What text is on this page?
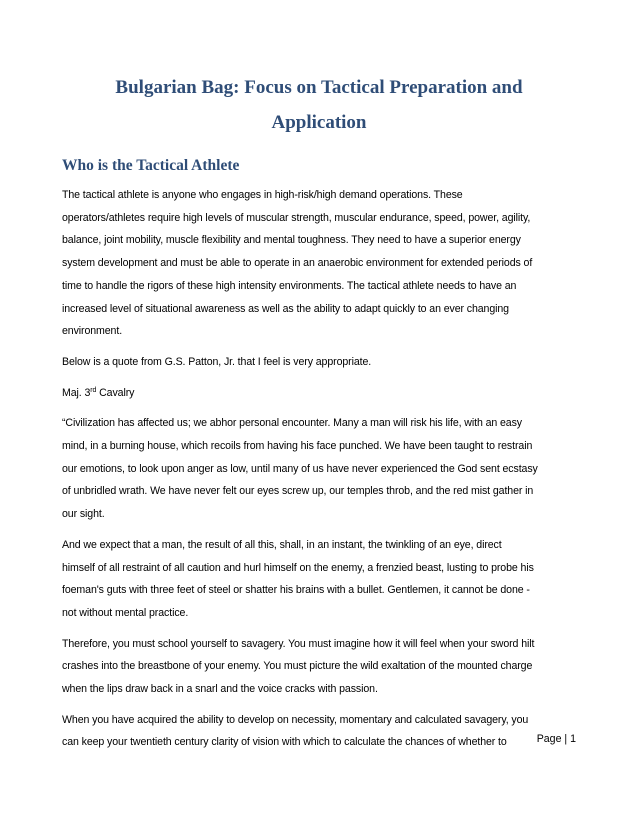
Bulgarian Bag: Focus on Tactical Preparation and
Application
Who is the Tactical Athlete

The tactical athlete is anyone who engages in high-risk/high demand operations. These
operators/athletes require high levels of muscular strength, muscular endurance, speed, power, agility,
balance, joint mobility, muscle flexibility and mental toughness. They need to have a superior energy
system development and must be able to operate in an anaerobic environment for extended periods of
time to handle the rigors of these high intensity environments. The tactical athlete needs to have an
increased level of situational awareness as well as the ability to adapt quickly to an ever changing
environment.

Below is a quote from G.S. Patton, Jr. that I feel is very appropriate.

Maj. 3rd Cavalry

“Civilization has affected us; we abhor personal encounter. Many a man will risk his life, with an easy
mind, in a burning house, which recoils from having his face punched. We have been taught to restrain
our emotions, to look upon anger as low, until many of us have never experienced the God sent ecstasy
of unbridled wrath. We have never felt our eyes screw up, our temples throb, and the red mist gather in
our sight.

And we expect that a man, the result of all this, shall, in an instant, the twinkling of an eye, direct
himself of all restraint of all caution and hurl himself on the enemy, a frenzied beast, lusting to probe his
foeman's guts with three feet of steel or shatter his brains with a bullet. Gentlemen, it cannot be done -
not without mental practice.

Therefore, you must school yourself to savagery. You must imagine how it will feel when your sword hilt
crashes into the breastbone of your enemy. You must picture the wild exaltation of the mounted charge
when the lips draw back in a snarl and the voice cracks with passion.

When you have acquired the ability to develop on necessity, momentary and calculated savagery, you
can keep your twentieth century clarity of vision with which to calculate the chances of whether to	Page | 1
